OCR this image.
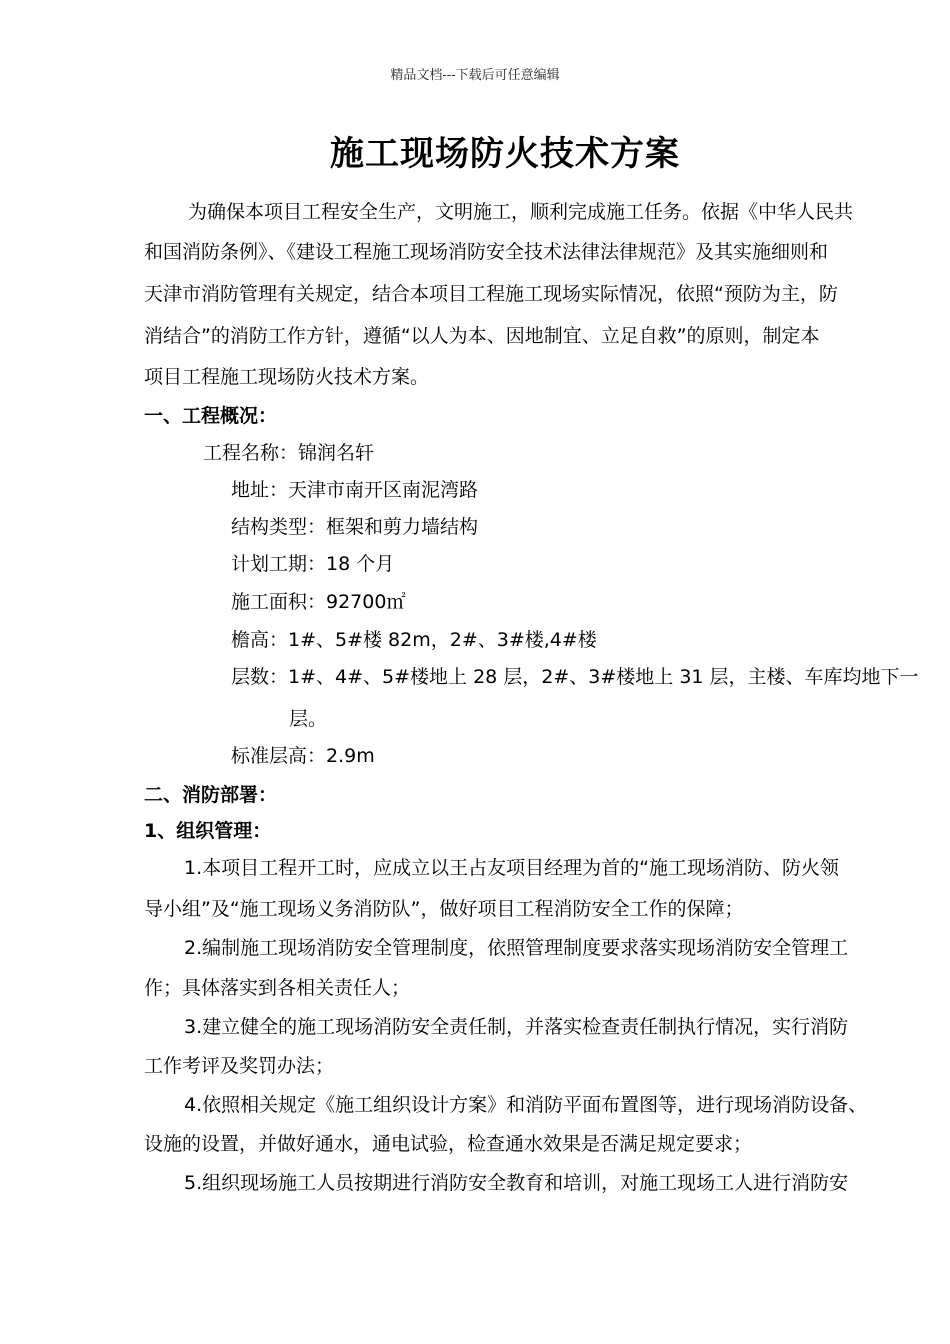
精品文档---下载后可任意编辑
施工现场防火技术方案
为确保本项目工程安全生产，文明施工，顺利完成施工任务。依据《中华人民共
和国消防条例》、《建设工程施工现场消防安全技术法律法律规范》及其实施细则和
天津市消防管理有关规定，结合本项目工程施工现场实际情况，依照“预防为主，防
消结合”的消防工作方针，遵循“以人为本、因地制宜、立足自救”的原则，制定本
项目工程施工现场防火技术方案。
一、工程概况：
工程名称：锦润名轩
地址：天津市南开区南泥湾路
结构类型：框架和剪力墙结构
计划工期：18 个月
施工面积：92700㎡
檐高：1#、5#楼 82m，2#、3#楼,4#楼
层数：1#、4#、5#楼地上 28 层，2#、3#楼地上 31 层，主楼、车库均地下一
层。
标准层高：2.9m
二、消防部署：
1、组织管理：
1.本项目工程开工时，应成立以王占友项目经理为首的“施工现场消防、防火领
导小组”及“施工现场义务消防队”，做好项目工程消防安全工作的保障；
2.编制施工现场消防安全管理制度，依照管理制度要求落实现场消防安全管理工
作；具体落实到各相关责任人；
3.建立健全的施工现场消防安全责任制，并落实检查责任制执行情况，实行消防
工作考评及奖罚办法；
4.依照相关规定《施工组织设计方案》和消防平面布置图等，进行现场消防设备、
设施的设置，并做好通水，通电试验，检查通水效果是否满足规定要求；
5.组织现场施工人员按期进行消防安全教育和培训，对施工现场工人进行消防安
